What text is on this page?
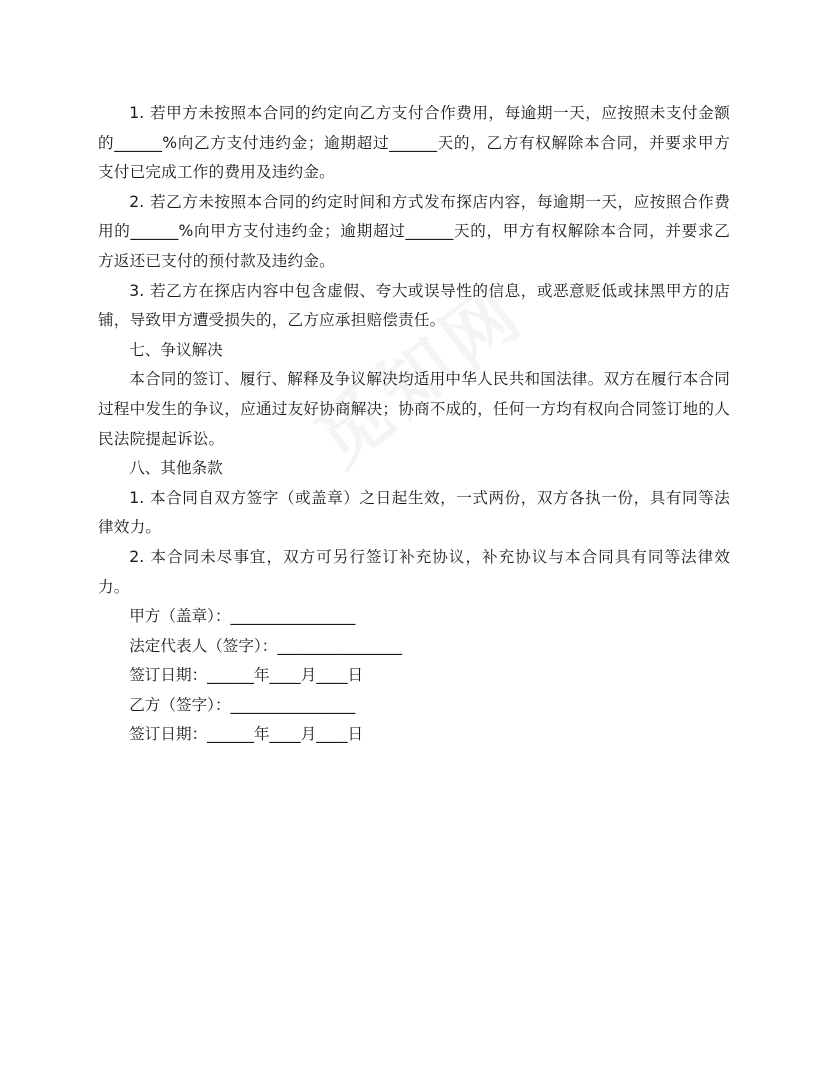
1. 若甲方未按照本合同的约定向乙方支付合作费用，每逾期一天，应按照未支付金额的______%向乙方支付违约金；逾期超过______天的，乙方有权解除本合同，并要求甲方支付已完成工作的费用及违约金。

2. 若乙方未按照本合同的约定时间和方式发布探店内容，每逾期一天，应按照合作费用的______%向甲方支付违约金；逾期超过______天的，甲方有权解除本合同，并要求乙方返还已支付的预付款及违约金。

3. 若乙方在探店内容中包含虚假、夸大或误导性的信息，或恶意贬低或抹黑甲方的店铺，导致甲方遭受损失的，乙方应承担赔偿责任。

七、争议解决

本合同的签订、履行、解释及争议解决均适用中华人民共和国法律。双方在履行本合同过程中发生的争议，应通过友好协商解决；协商不成的，任何一方均有权向合同签订地的人民法院提起诉讼。

八、其他条款

1. 本合同自双方签字（或盖章）之日起生效，一式两份，双方各执一份，具有同等法律效力。

2. 本合同未尽事宜，双方可另行签订补充协议，补充协议与本合同具有同等法律效力。

甲方（盖章）：________________

法定代表人（签字）：________________

签订日期：______年____月____日

乙方（签字）：________________

签订日期：______年____月____日
